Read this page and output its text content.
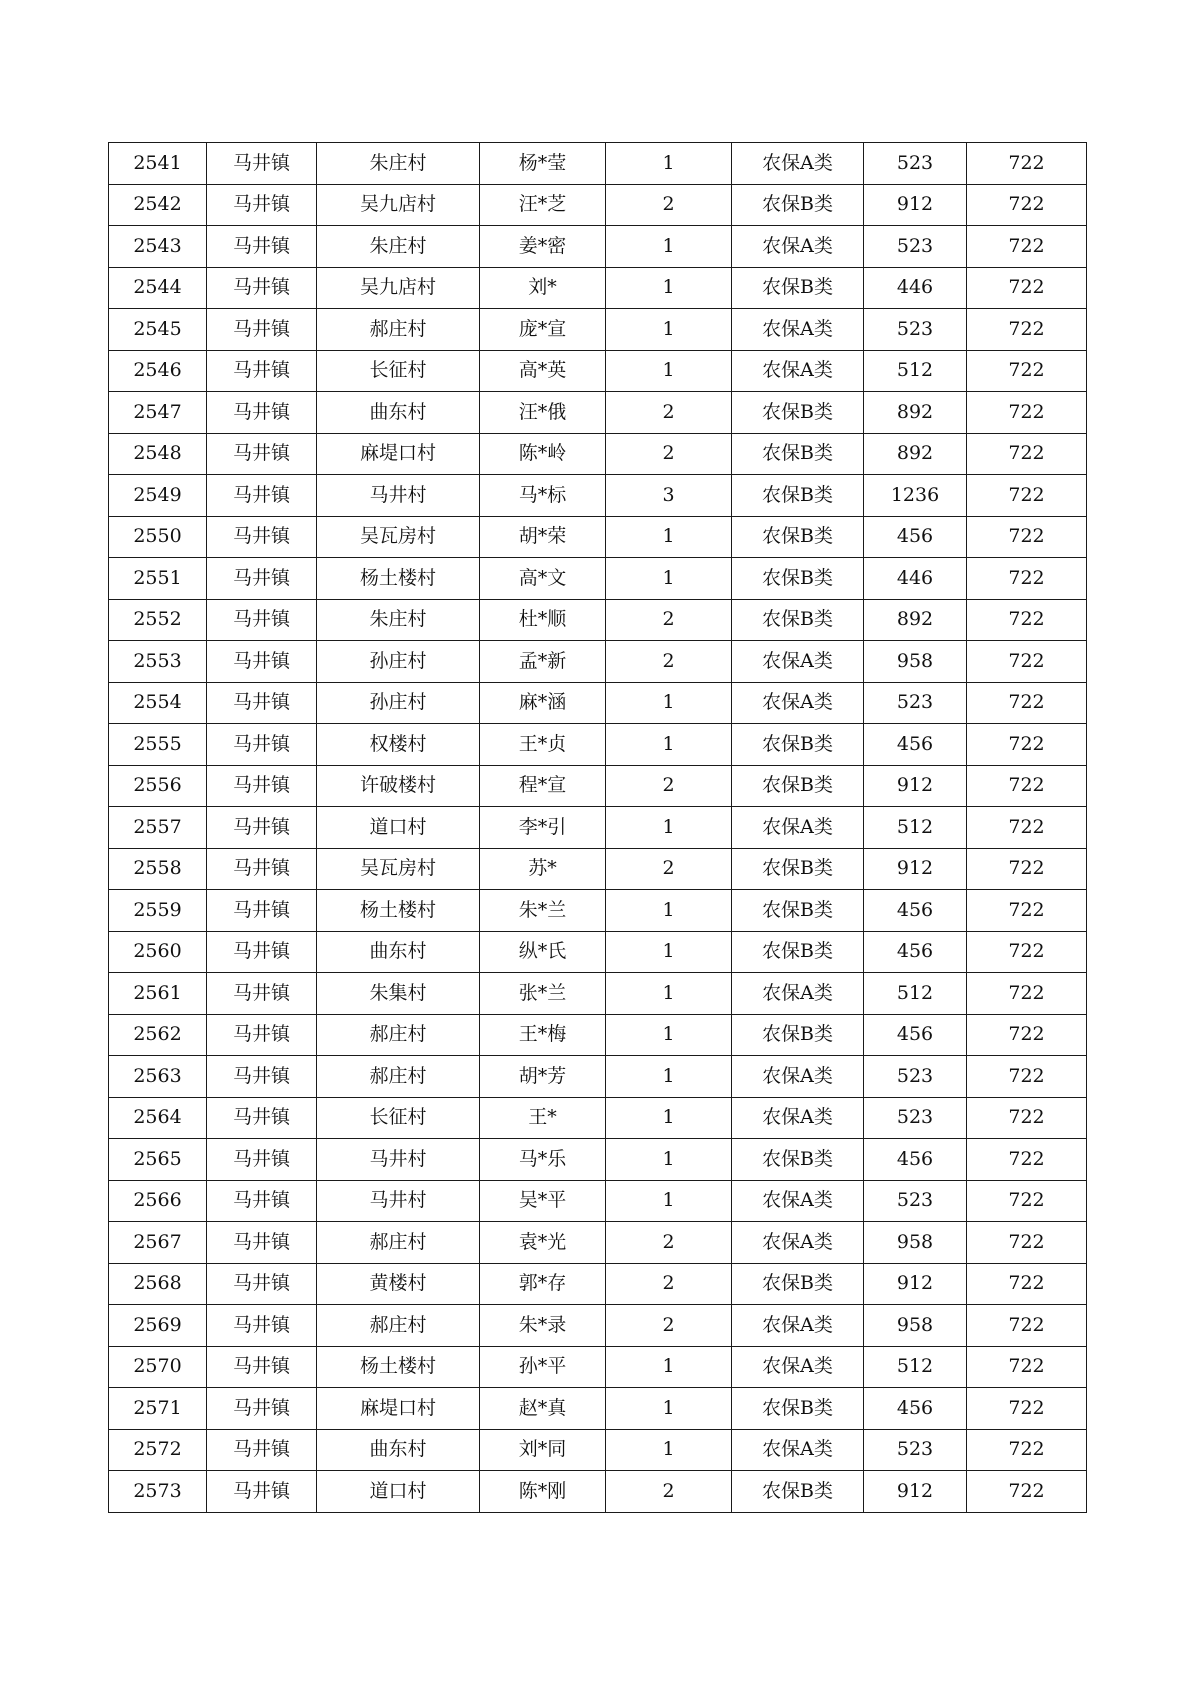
2541	马井镇	朱庄村	杨*莹	1	农保A类	523	722
2542	马井镇	吴九店村	汪*芝	2	农保B类	912	722
2543	马井镇	朱庄村	姜*密	1	农保A类	523	722
2544	马井镇	吴九店村	刘*	1	农保B类	446	722
2545	马井镇	郝庄村	庞*宣	1	农保A类	523	722
2546	马井镇	长征村	高*英	1	农保A类	512	722
2547	马井镇	曲东村	汪*俄	2	农保B类	892	722
2548	马井镇	麻堤口村	陈*岭	2	农保B类	892	722
2549	马井镇	马井村	马*标	3	农保B类	1236	722
2550	马井镇	吴瓦房村	胡*荣	1	农保B类	456	722
2551	马井镇	杨土楼村	高*文	1	农保B类	446	722
2552	马井镇	朱庄村	杜*顺	2	农保B类	892	722
2553	马井镇	孙庄村	孟*新	2	农保A类	958	722
2554	马井镇	孙庄村	麻*涵	1	农保A类	523	722
2555	马井镇	权楼村	王*贞	1	农保B类	456	722
2556	马井镇	许破楼村	程*宣	2	农保B类	912	722
2557	马井镇	道口村	李*引	1	农保A类	512	722
2558	马井镇	吴瓦房村	苏*	2	农保B类	912	722
2559	马井镇	杨土楼村	朱*兰	1	农保B类	456	722
2560	马井镇	曲东村	纵*氏	1	农保B类	456	722
2561	马井镇	朱集村	张*兰	1	农保A类	512	722
2562	马井镇	郝庄村	王*梅	1	农保B类	456	722
2563	马井镇	郝庄村	胡*芳	1	农保A类	523	722
2564	马井镇	长征村	王*	1	农保A类	523	722
2565	马井镇	马井村	马*乐	1	农保B类	456	722
2566	马井镇	马井村	吴*平	1	农保A类	523	722
2567	马井镇	郝庄村	袁*光	2	农保A类	958	722
2568	马井镇	黄楼村	郭*存	2	农保B类	912	722
2569	马井镇	郝庄村	朱*录	2	农保A类	958	722
2570	马井镇	杨土楼村	孙*平	1	农保A类	512	722
2571	马井镇	麻堤口村	赵*真	1	农保B类	456	722
2572	马井镇	曲东村	刘*同	1	农保A类	523	722
2573	马井镇	道口村	陈*刚	2	农保B类	912	722
